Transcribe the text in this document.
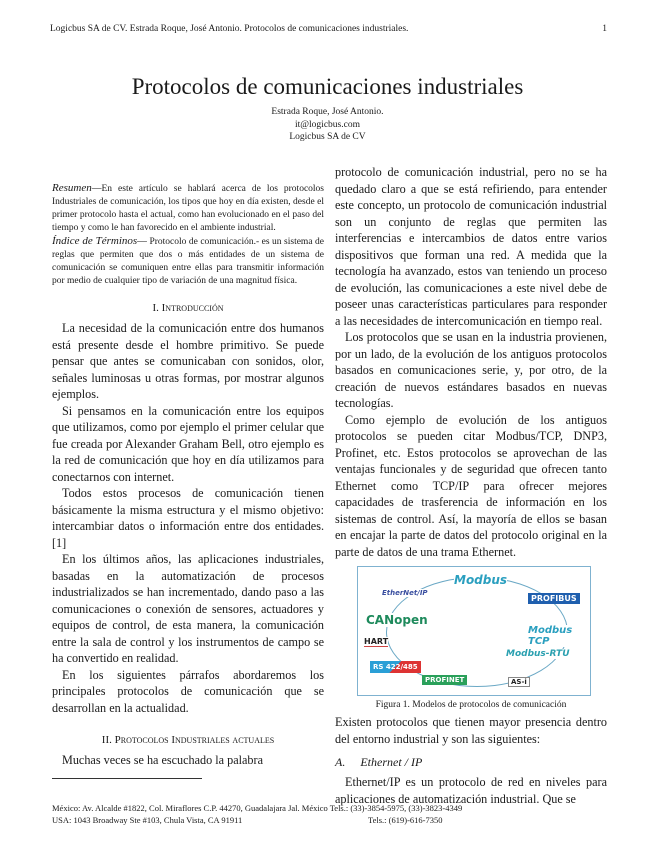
Logicbus SA de CV. Estrada Roque, José Antonio. Protocolos de comunicaciones industriales.	1
Protocolos de comunicaciones industriales
Estrada Roque, José Antonio.
it@logicbus.com
Logicbus SA de CV

Resumen—En este artículo se hablará acerca de los protocolos Industriales de comunicación, los tipos que hoy en día existen, desde el primer protocolo hasta el actual, como han evolucionado en el paso del tiempo y como le han favorecido en el ambiente industrial.

Índice de Términos— Protocolo de comunicación.- es un sistema de reglas que permiten que dos o más entidades de un sistema de comunicación se comuniquen entre ellas para transmitir información por medio de cualquier tipo de variación de una magnitud física.

I. Introducción

La necesidad de la comunicación entre dos humanos está presente desde el hombre primitivo. Se puede pensar que antes se comunicaban con sonidos, olor, señales luminosas u otras formas, por mostrar algunos ejemplos.

Si pensamos en la comunicación entre los equipos que utilizamos, como por ejemplo el primer celular que fue creada por Alexander Graham Bell, otro ejemplo es la red de comunicación que hoy en día utilizamos para conectarnos con internet.

Todos estos procesos de comunicación tienen básicamente la misma estructura y el mismo objetivo: intercambiar datos o información entre dos entidades. [1]

En los últimos años, las aplicaciones industriales, basadas en la automatización de procesos industrializados se han incrementado, dando paso a las comunicaciones o conexión de sensores, actuadores y equipos de control, de esta manera, la comunicación entre la sala de control y los instrumentos de campo se ha convertido en realidad.

En los siguientes párrafos abordaremos los principales protocolos de comunicación que se desarrollan en la actualidad.

II. Protocolos Industriales actuales

Muchas veces se ha escuchado la palabra

protocolo de comunicación industrial, pero no se ha quedado claro a que se está refiriendo, para entender este concepto, un protocolo de comunicación industrial son un conjunto de reglas que permiten las interferencias e intercambios de datos entre varios dispositivos que forman una red. A medida que la tecnología ha avanzado, estos van teniendo un proceso de evolución, las comunicaciones a este nivel debe de poseer unas características particulares para responder a las necesidades de intercomunicación en tiempo real.

Los protocolos que se usan en la industria provienen, por un lado, de la evolución de los antiguos protocolos basados en comunicaciones serie, y, por otro, de la creación de nuevos estándares basados en nuevas tecnologías.

Como ejemplo de evolución de los antiguos protocolos se pueden citar Modbus/TCP, DNP3, Profinet, etc. Estos protocolos se aprovechan de las ventajas funcionales y de seguridad que ofrecen tanto Ethernet como TCP/IP para ofrecer mejores capacidades de trasferencia de información en los sistemas de control. Así, la mayoría de ellos se basan en encajar la parte de datos del protocolo original en la parte de datos de una trama Ethernet.

Modbus
EtherNet/IP
PROFIBUS
CANopen
Modbus TCP
HART
Modbus-RTU
RS 422/485
PROFINET	AS-i
Figura 1. Modelos de protocolos de comunicación

Existen protocolos que tienen mayor presencia dentro del entorno industrial y son las siguientes:

A. Ethernet / IP

Ethernet/IP es un protocolo de red en niveles para aplicaciones de automatización industrial. Que se

México: Av. Alcalde #1822, Col. Miraflores C.P. 44270, Guadalajara Jal. México Tels.: (33)-3854-5975, (33)-3823-4349
USA: 1043 Broadway Ste #103, Chula Vista, CA 91911	Tels.: (619)-616-7350
